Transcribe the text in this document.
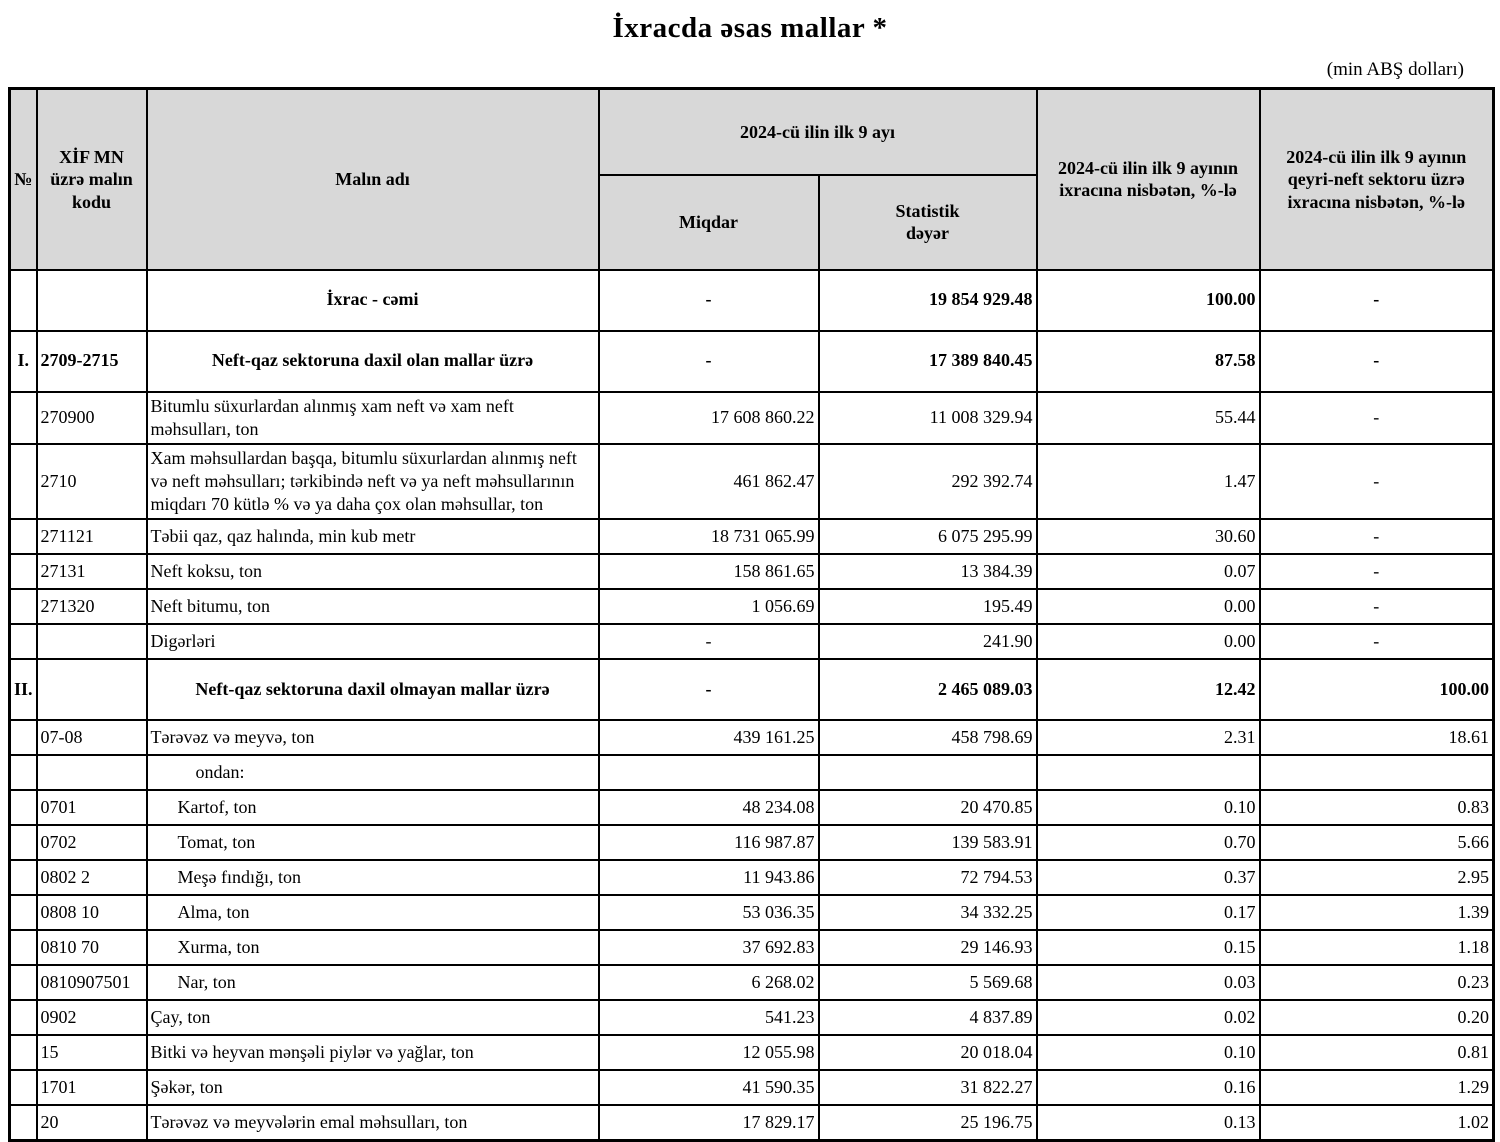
İxracda əsas mallar *
(min ABŞ dolları)
№	XİF MN üzrə malın kodu	Malın adı	2024-cü ilin ilk 9 ayı		2024-cü ilin ilk 9 ayının ixracına nisbətən, %-lə	2024-cü ilin ilk 9 ayının qeyri-neft sektoru üzrə ixracına nisbətən, %-lə
			Miqdar	Statistik dəyər		
		İxrac - cəmi	-	19 854 929.48	100.00	-
I.	2709-2715	Neft-qaz sektoruna daxil olan mallar üzrə	-	17 389 840.45	87.58	-
	270900	Bitumlu süxurlardan alınmış xam neft və xam neft məhsulları, ton	17 608 860.22	11 008 329.94	55.44	-
	2710	Xam məhsullardan başqa, bitumlu süxurlardan alınmış neft və neft məhsulları; tərkibində neft və ya neft məhsullarının miqdarı 70 kütlə % və ya daha çox olan məhsullar, ton	461 862.47	292 392.74	1.47	-
	271121	Təbii qaz, qaz halında, min kub metr	18 731 065.99	6 075 295.99	30.60	-
	27131	Neft koksu, ton	158 861.65	13 384.39	0.07	-
	271320	Neft bitumu, ton	1 056.69	195.49	0.00	-
		Digərləri	-	241.90	0.00	-
II.		Neft-qaz sektoruna daxil olmayan mallar üzrə	-	2 465 089.03	12.42	100.00
	07-08	Tərəvəz və meyvə, ton	439 161.25	458 798.69	2.31	18.61
		ondan:				
	0701	Kartof, ton	48 234.08	20 470.85	0.10	0.83
	0702	Tomat, ton	116 987.87	139 583.91	0.70	5.66
	0802 2	Meşə fındığı, ton	11 943.86	72 794.53	0.37	2.95
	0808 10	Alma, ton	53 036.35	34 332.25	0.17	1.39
	0810 70	Xurma, ton	37 692.83	29 146.93	0.15	1.18
	0810907501	Nar, ton	6 268.02	5 569.68	0.03	0.23
	0902	Çay, ton	541.23	4 837.89	0.02	0.20
	15	Bitki və heyvan mənşəli piylər və yağlar, ton	12 055.98	20 018.04	0.10	0.81
	1701	Şəkər, ton	41 590.35	31 822.27	0.16	1.29
	20	Tərəvəz və meyvələrin emal məhsulları, ton	17 829.17	25 196.75	0.13	1.02
